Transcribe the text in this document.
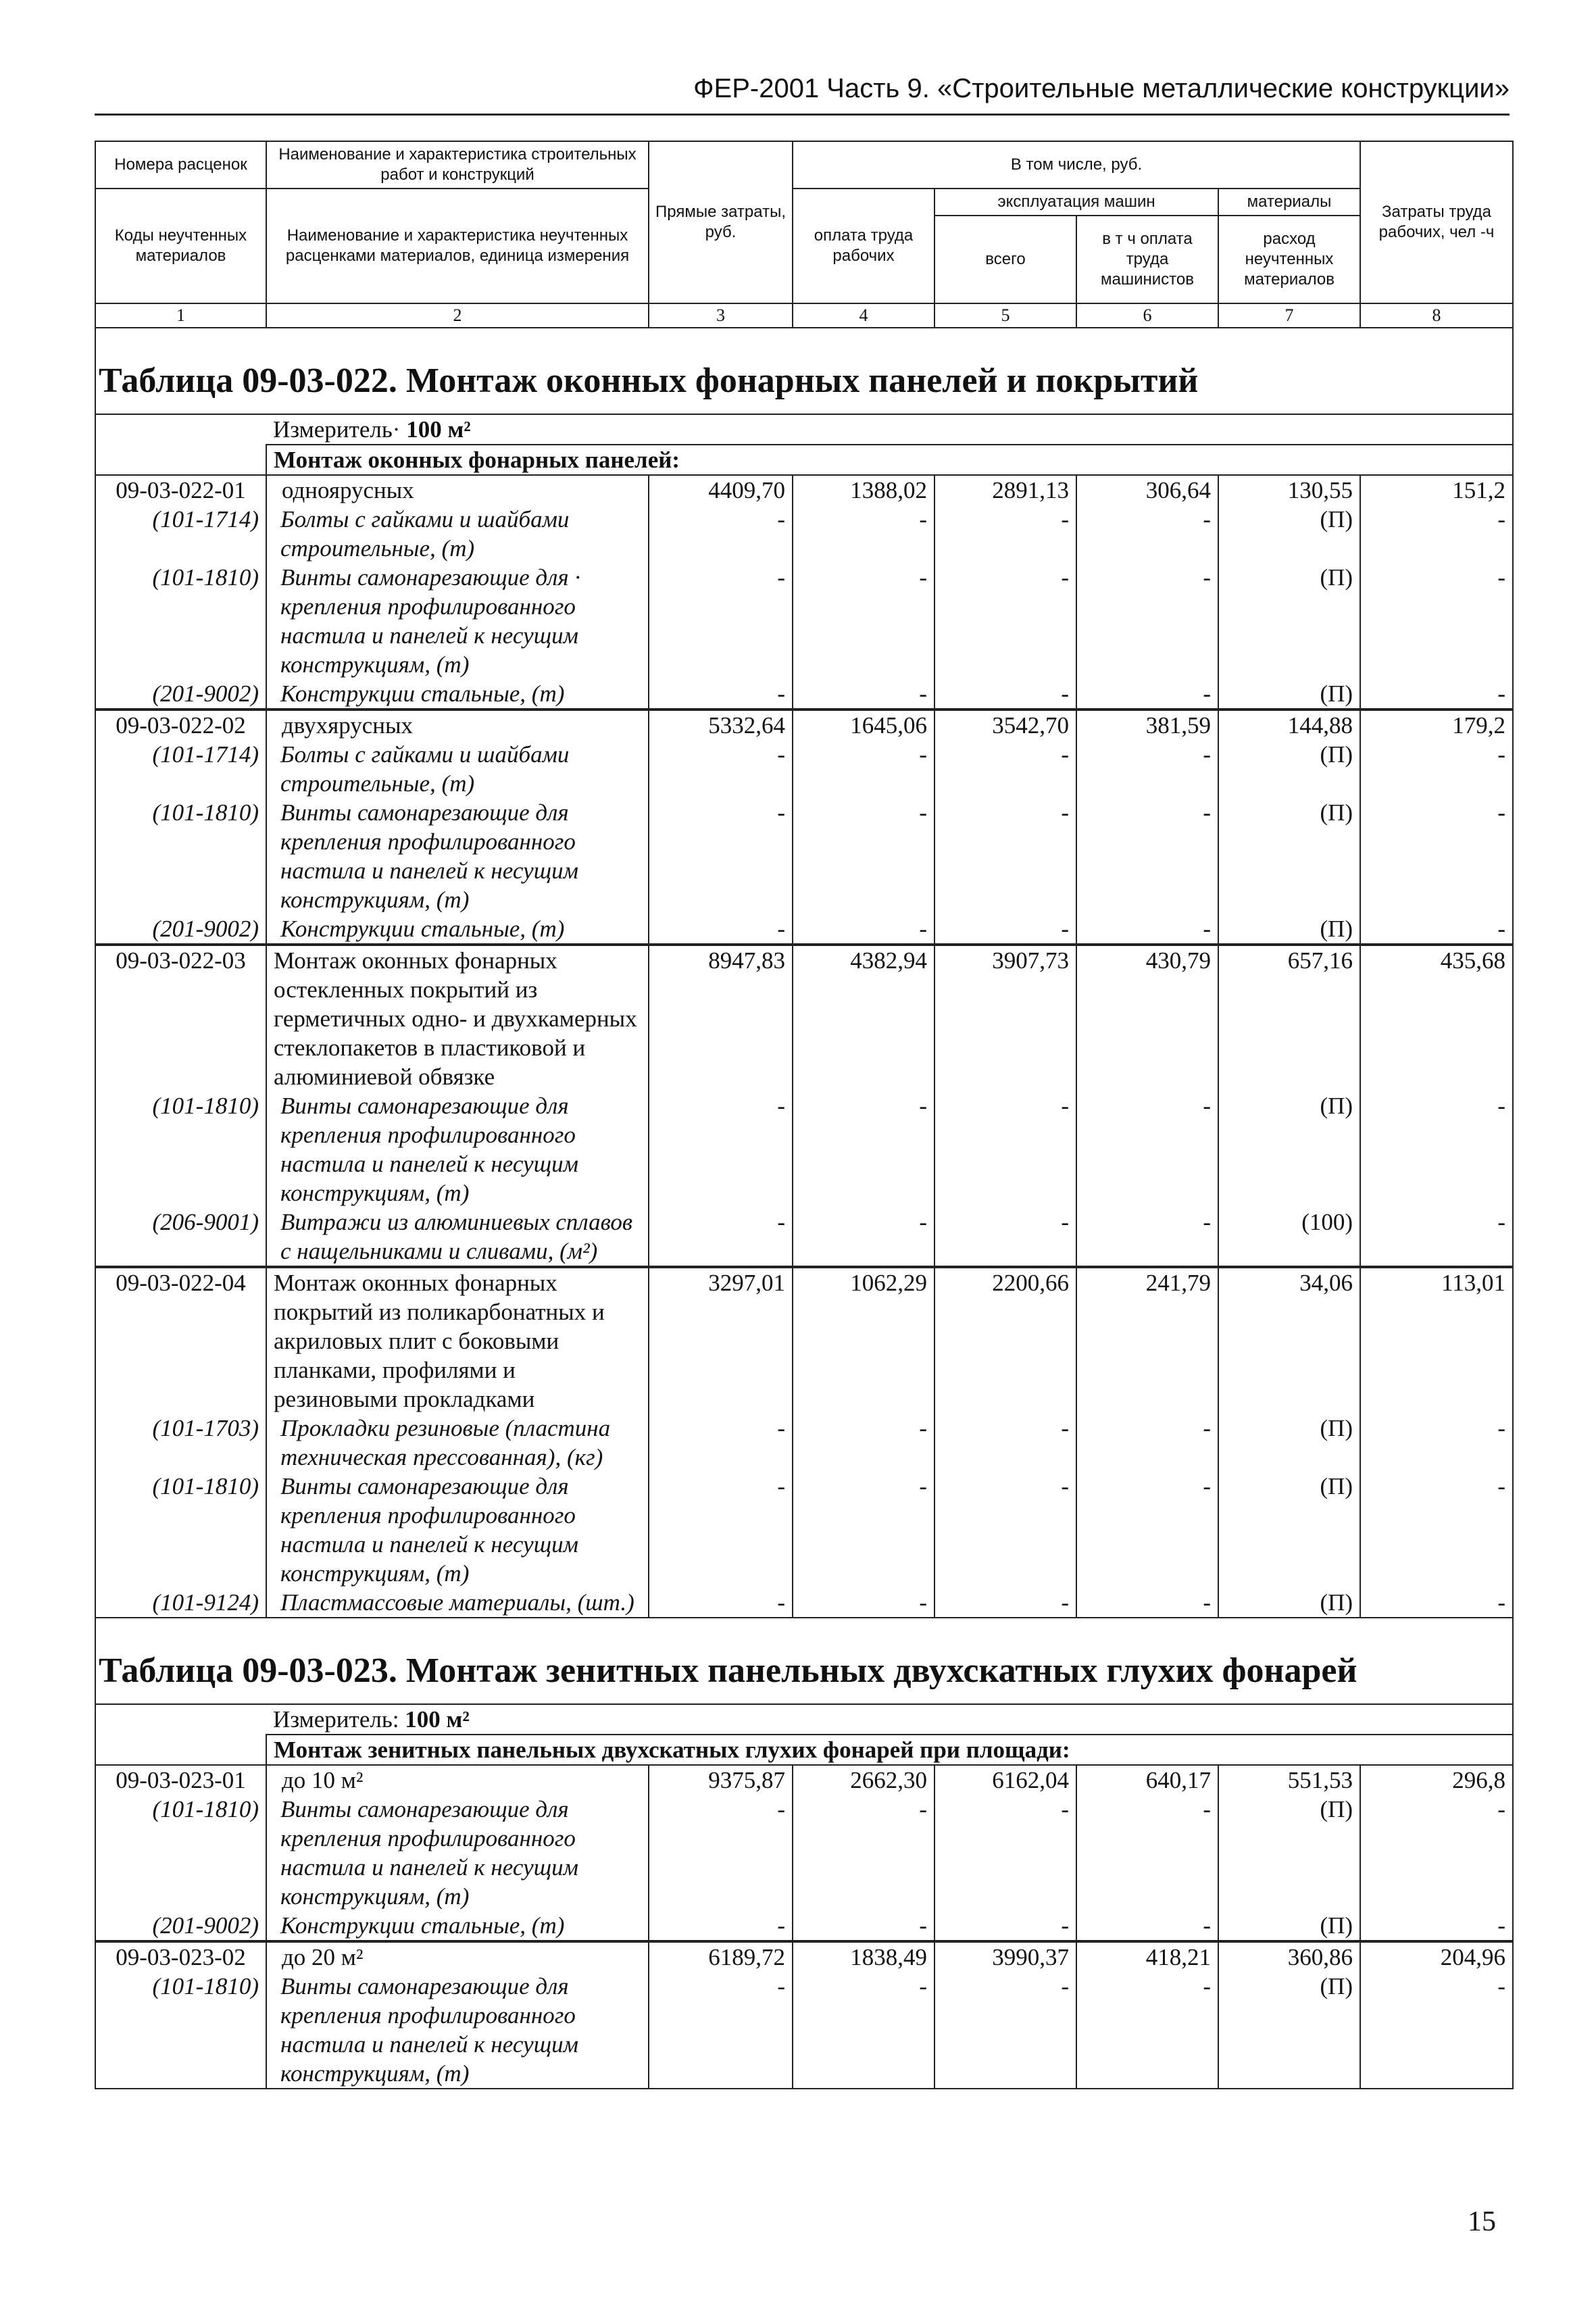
ФЕР-2001 Часть 9. «Строительные металлические конструкции»
Номера расценок	Наименование и характеристика строительных работ и конструкций	Прямые затраты, руб.	В том числе, руб.				Затраты труда рабочих, чел -ч
Коды неучтенных материалов	Наименование и характеристика неучтенных расценками материалов, единица измерения		оплата труда рабочих	эксплуатация машин		материалы	
				всего	в т ч оплата труда машинистов	расход неучтенных материалов	
1	2	3	4	5	6	7	8
Таблица 09-03-022. Монтаж оконных фонарных панелей и покрытий							
	Измеритель· 100 м²						
	Монтаж оконных фонарных панелей:						
09-03-022-01	одноярусных	4409,70	1388,02	2891,13	306,64	130,55	151,2
(101-1714)	Болты с гайками и шайбами строительные, (т)	-	-	-	-	(П)	-
(101-1810)	Винты самонарезающие для · крепления профилированного настила и панелей к несущим конструкциям, (т)	-	-	-	-	(П)	-
(201-9002)	Конструкции стальные, (т)	-	-	-	-	(П)	-
09-03-022-02	двухярусных	5332,64	1645,06	3542,70	381,59	144,88	179,2
(101-1714)	Болты с гайками и шайбами строительные, (т)	-	-	-	-	(П)	-
(101-1810)	Винты самонарезающие для крепления профилированного настила и панелей к несущим конструкциям, (т)	-	-	-	-	(П)	-
(201-9002)	Конструкции стальные, (т)	-	-	-	-	(П)	-
09-03-022-03	Монтаж оконных фонарных остекленных покрытий из герметичных одно- и двухкамерных стеклопакетов в пластиковой и алюминиевой обвязке	8947,83	4382,94	3907,73	430,79	657,16	435,68
(101-1810)	Винты самонарезающие для крепления профилированного настила и панелей к несущим конструкциям, (т)	-	-	-	-	(П)	-
(206-9001)	Витражи из алюминиевых сплавов с нащельниками и сливами, (м²)	-	-	-	-	(100)	-
09-03-022-04	Монтаж оконных фонарных покрытий из поликарбонатных и акриловых плит с боковыми планками, профилями и резиновыми прокладками	3297,01	1062,29	2200,66	241,79	34,06	113,01
(101-1703)	Прокладки резиновые (пластина техническая прессованная), (кг)	-	-	-	-	(П)	-
(101-1810)	Винты самонарезающие для крепления профилированного настила и панелей к несущим конструкциям, (т)	-	-	-	-	(П)	-
(101-9124)	Пластмассовые материалы, (шт.)	-	-	-	-	(П)	-
Таблица 09-03-023. Монтаж зенитных панельных двухскатных глухих фонарей							
	Измеритель: 100 м²						
	Монтаж зенитных панельных двухскатных глухих фонарей при площади:						
09-03-023-01	до 10 м²	9375,87	2662,30	6162,04	640,17	551,53	296,8
(101-1810)	Винты самонарезающие для крепления профилированного настила и панелей к несущим конструкциям, (т)	-	-	-	-	(П)	-
(201-9002)	Конструкции стальные, (т)	-	-	-	-	(П)	-
09-03-023-02	до 20 м²	6189,72	1838,49	3990,37	418,21	360,86	204,96
(101-1810)	Винты самонарезающие для крепления профилированного настила и панелей к несущим конструкциям, (т)	-	-	-	-	(П)	-
15
